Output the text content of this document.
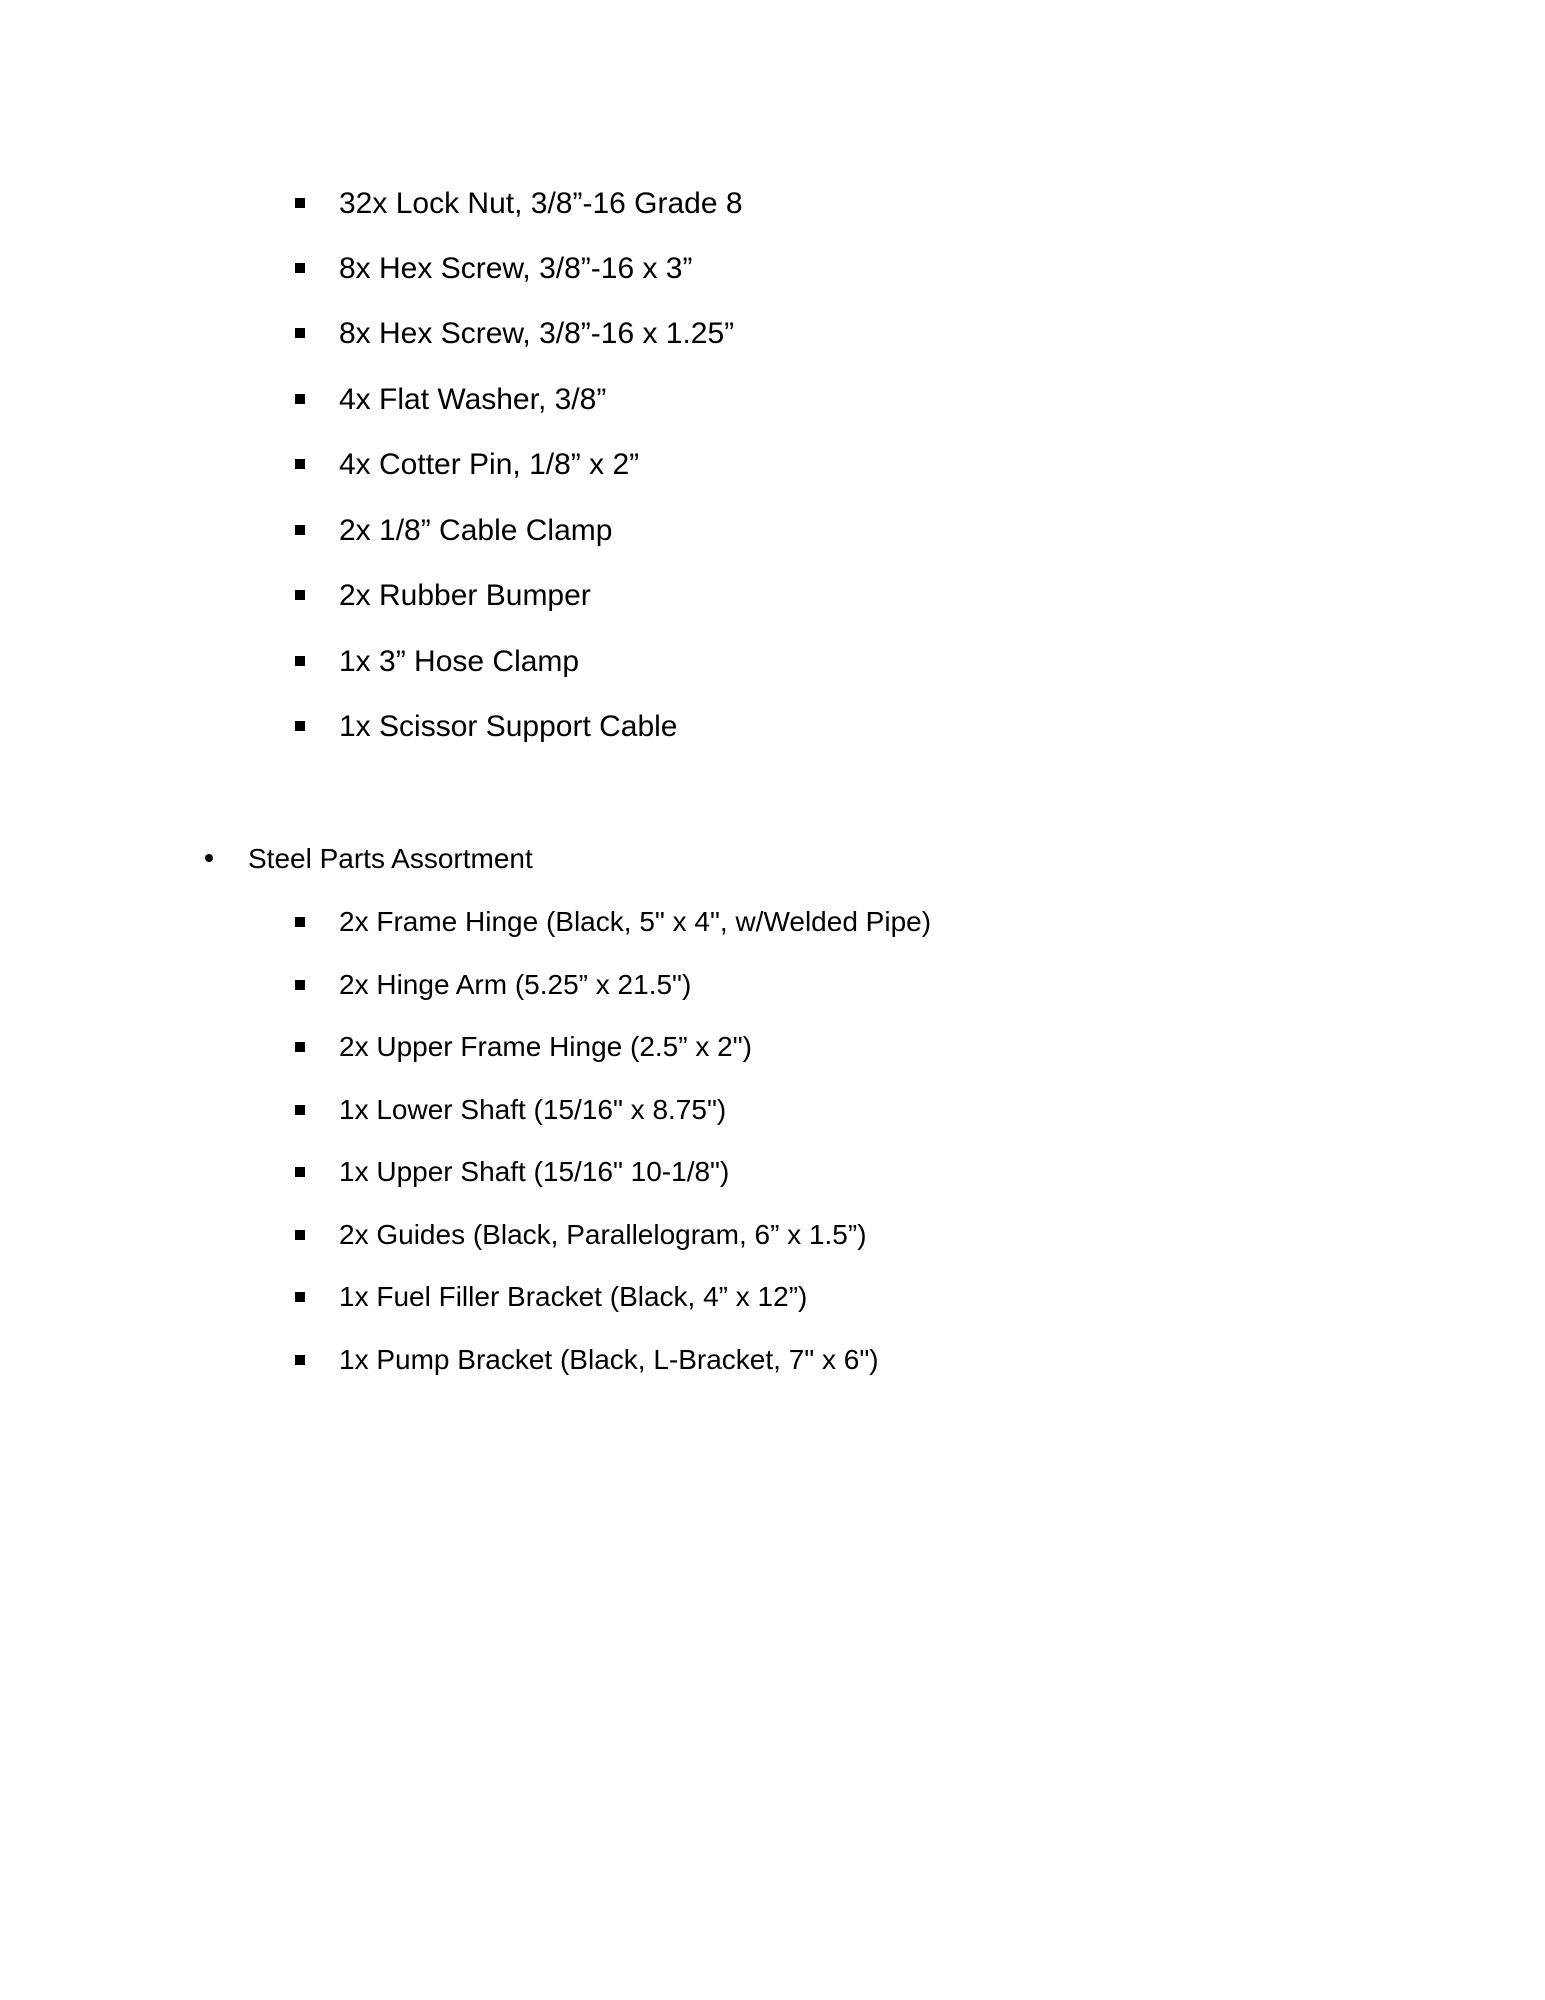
32x Lock Nut, 3/8”-16 Grade 8
8x Hex Screw, 3/8”-16 x 3”
8x Hex Screw, 3/8”-16 x 1.25”
4x Flat Washer, 3/8”
4x Cotter Pin, 1/8” x 2”
2x 1/8” Cable Clamp
2x Rubber Bumper
1x 3” Hose Clamp
1x Scissor Support Cable
Steel Parts Assortment
2x Frame Hinge (Black, 5" x 4", w/Welded Pipe)
2x Hinge Arm (5.25” x 21.5")
2x Upper Frame Hinge (2.5” x 2")
1x Lower Shaft (15/16" x 8.75")
1x Upper Shaft (15/16" 10-1/8")
2x Guides (Black, Parallelogram, 6” x 1.5”)
1x Fuel Filler Bracket (Black, 4” x 12”)
1x Pump Bracket (Black, L-Bracket, 7" x 6")
